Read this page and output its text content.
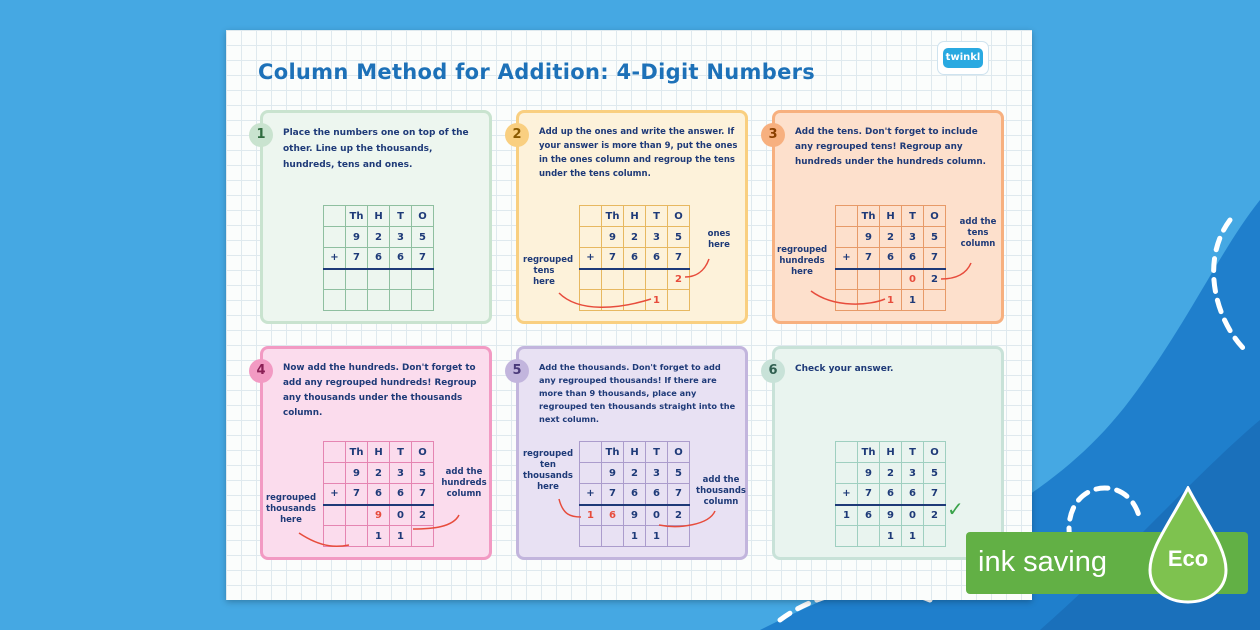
Column Method for Addition: 4-Digit Numbers
twinkl
1	Place the numbers one on top of the other. Line up the thousands, hundreds, tens and ones.
	Th	H	T	O
	9	2	3	5
+	7	6	6	7

2	Add up the ones and write the answer. If your answer is more than 9, put the ones in the ones column and regroup the tens under the tens column.
	Th	H	T	O
	9	2	3	5
+	7	6	6	7
				2
			1	
ones here
regrouped tens here
3	Add the tens. Don't forget to include any regrouped tens! Regroup any hundreds under the hundreds column.
	Th	H	T	O
	9	2	3	5
+	7	6	6	7
			0	2
		1	1	
add the tens column
regrouped hundreds here
4	Now add the hundreds. Don't forget to add any regrouped hundreds! Regroup any thousands under the thousands column.
	Th	H	T	O
	9	2	3	5
+	7	6	6	7
		9	0	2
		1	1	
add the hundreds column
regrouped thousands here
5	Add the thousands. Don't forget to add any regrouped thousands! If there are more than 9 thousands, place any regrouped ten thousands straight into the next column.
	Th	H	T	O
	9	2	3	5
+	7	6	6	7
1	6	9	0	2
		1	1	
add the thousands column
regrouped ten thousands here
6	Check your answer.
	Th	H	T	O
	9	2	3	5
+	7	6	6	7
1	6	9	0	2
		1	1	
✓
ink saving	Eco
